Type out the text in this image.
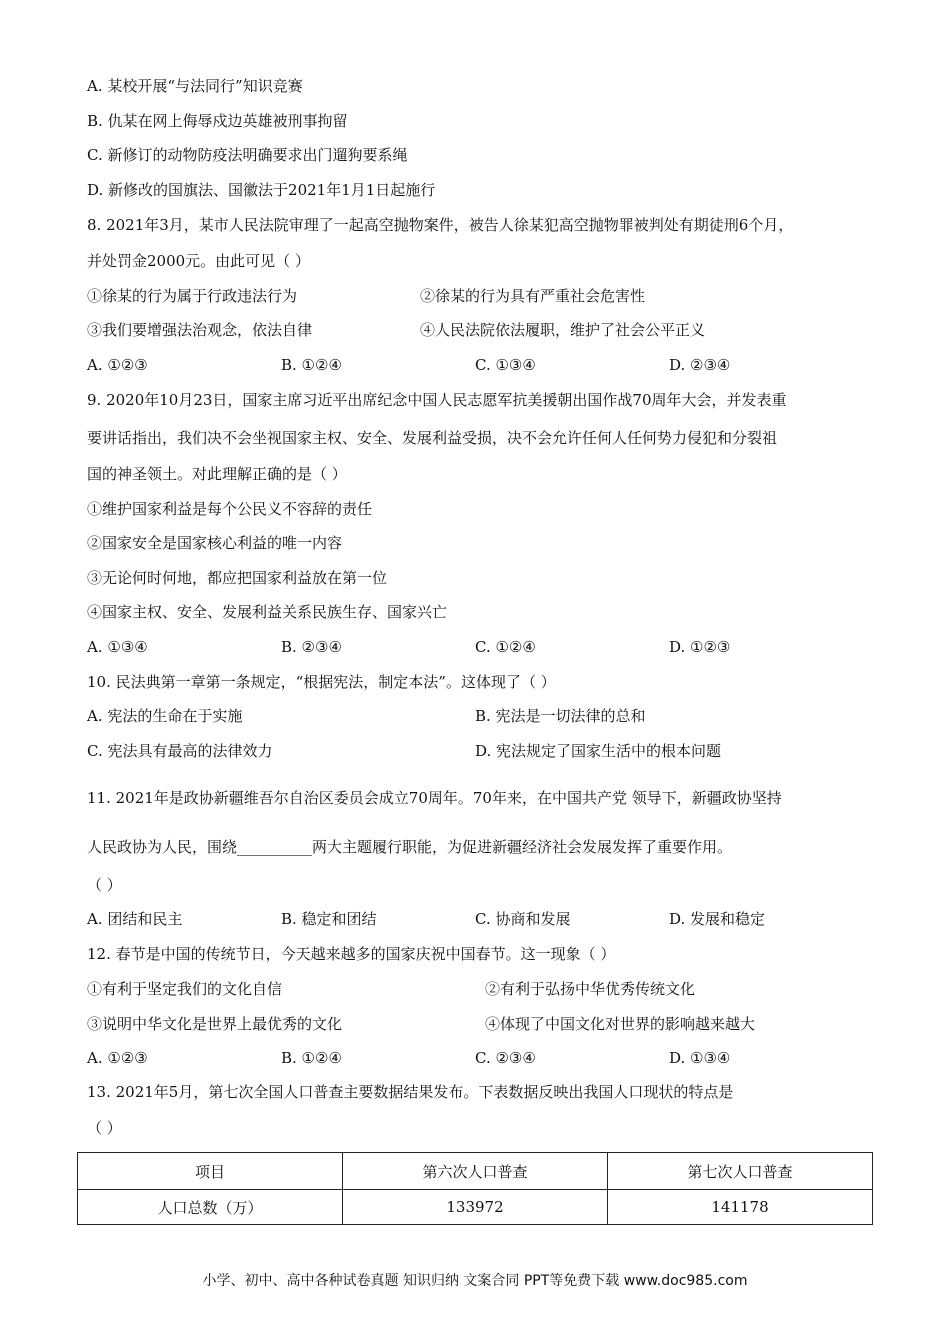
A. 某校开展“与法同行”知识竞赛
B. 仇某在网上侮辱戍边英雄被刑事拘留
C. 新修订的动物防疫法明确要求出门遛狗要系绳
D. 新修改的国旗法、国徽法于2021年1月1日起施行
8. 2021年3月，某市人民法院审理了一起高空抛物案件，被告人徐某犯高空抛物罪被判处有期徒刑6个月，
并处罚金2000元。由此可见（ ）
①徐某的行为属于行政违法行为	②徐某的行为具有严重社会危害性
③我们要增强法治观念，依法自律	④人民法院依法履职，维护了社会公平正义
A. ①②③	B. ①②④	C. ①③④	D. ②③④
9. 2020年10月23日，国家主席习近平出席纪念中国人民志愿军抗美援朝出国作战70周年大会，并发表重
要讲话指出，我们决不会坐视国家主权、安全、发展利益受损，决不会允许任何人任何势力侵犯和分裂祖
国的神圣领土。对此理解正确的是（ ）
①维护国家利益是每个公民义不容辞的责任
②国家安全是国家核心利益的唯一内容
③无论何时何地，都应把国家利益放在第一位
④国家主权、安全、发展利益关系民族生存、国家兴亡
A. ①③④	B. ②③④	C. ①②④	D. ①②③
10. 民法典第一章第一条规定，“根据宪法，制定本法”。这体现了（ ）
A. 宪法的生命在于实施	B. 宪法是一切法律的总和
C. 宪法具有最高的法律效力	D. 宪法规定了国家生活中的根本问题
11. 2021年是政协新疆维吾尔自治区委员会成立70周年。70年来，在中国共产党 领导下，新疆政协坚持
人民政协为人民，围绕__________两大主题履行职能，为促进新疆经济社会发展发挥了重要作用。
（ ）
A. 团结和民主	B. 稳定和团结	C. 协商和发展	D. 发展和稳定
12. 春节是中国的传统节日，今天越来越多的国家庆祝中国春节。这一现象（ ）
①有利于坚定我们的文化自信	②有利于弘扬中华优秀传统文化
③说明中华文化是世界上最优秀的文化	④体现了中国文化对世界的影响越来越大
A. ①②③	B. ①②④	C. ②③④	D. ①③④
13. 2021年5月，第七次全国人口普查主要数据结果发布。下表数据反映出我国人口现状的特点是
（ ）
项目	第六次人口普查	第七次人口普查
人口总数（万）	133972	141178
小学、初中、高中各种试卷真题 知识归纳 文案合同 PPT等免费下载 www.doc985.com
